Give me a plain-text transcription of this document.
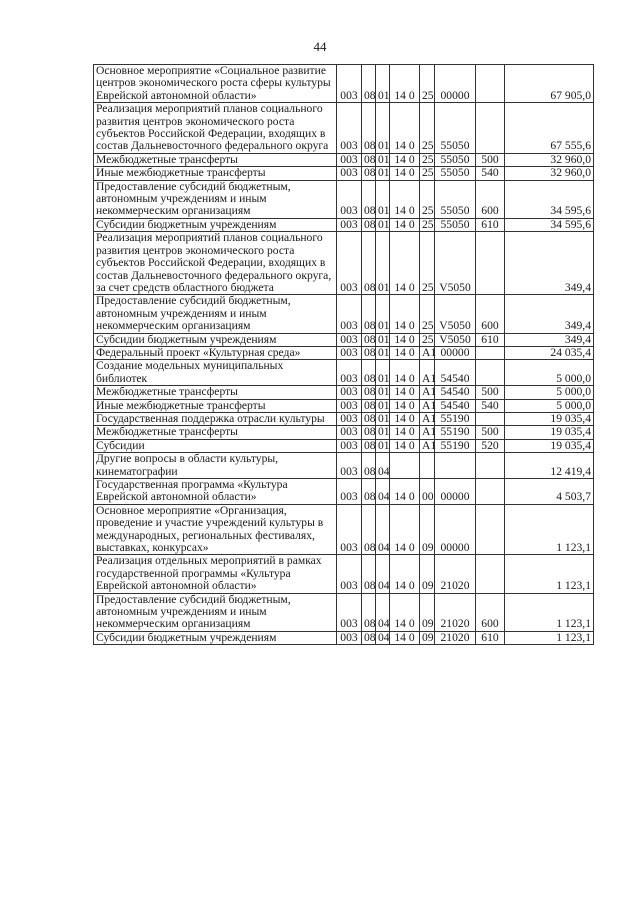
44
Основное мероприятие «Социальное развитие центров экономического роста сферы культуры Еврейской автономной области»	003	08	01	14 0	25	00000		67 905,0
Реализация мероприятий планов социального развития центров экономического роста субъектов Российской Федерации, входящих в состав Дальневосточного федерального округа	003	08	01	14 0	25	55050		67 555,6
Межбюджетные трансферты	003	08	01	14 0	25	55050	500	32 960,0
Иные межбюджетные трансферты	003	08	01	14 0	25	55050	540	32 960,0
Предоставление субсидий бюджетным, автономным учреждениям и иным некоммерческим организациям	003	08	01	14 0	25	55050	600	34 595,6
Субсидии бюджетным учреждениям	003	08	01	14 0	25	55050	610	34 595,6
Реализация мероприятий планов социального развития центров экономического роста субъектов Российской Федерации, входящих в состав Дальневосточного федерального округа, за счет средств областного бюджета	003	08	01	14 0	25	V5050		349,4
Предоставление субсидий бюджетным, автономным учреждениям и иным некоммерческим организациям	003	08	01	14 0	25	V5050	600	349,4
Субсидии бюджетным учреждениям	003	08	01	14 0	25	V5050	610	349,4
Федеральный проект «Культурная среда»	003	08	01	14 0	A1	00000		24 035,4
Создание модельных муниципальных библиотек	003	08	01	14 0	A1	54540		5 000,0
Межбюджетные трансферты	003	08	01	14 0	A1	54540	500	5 000,0
Иные межбюджетные трансферты	003	08	01	14 0	A1	54540	540	5 000,0
Государственная поддержка отрасли культуры	003	08	01	14 0	A1	55190		19 035,4
Межбюджетные трансферты	003	08	01	14 0	A1	55190	500	19 035,4
Субсидии	003	08	01	14 0	A1	55190	520	19 035,4
Другие вопросы в области культуры, кинематографии	003	08	04					12 419,4
Государственная программа «Культура Еврейской автономной области»	003	08	04	14 0	00	00000		4 503,7
Основное мероприятие «Организация, проведение и участие учреждений культуры в международных, региональных фестивалях, выставках, конкурсах»	003	08	04	14 0	09	00000		1 123,1
Реализация отдельных мероприятий в рамках государственной программы «Культура Еврейской автономной области»	003	08	04	14 0	09	21020		1 123,1
Предоставление субсидий бюджетным, автономным учреждениям и иным некоммерческим организациям	003	08	04	14 0	09	21020	600	1 123,1
Субсидии бюджетным учреждениям	003	08	04	14 0	09	21020	610	1 123,1
